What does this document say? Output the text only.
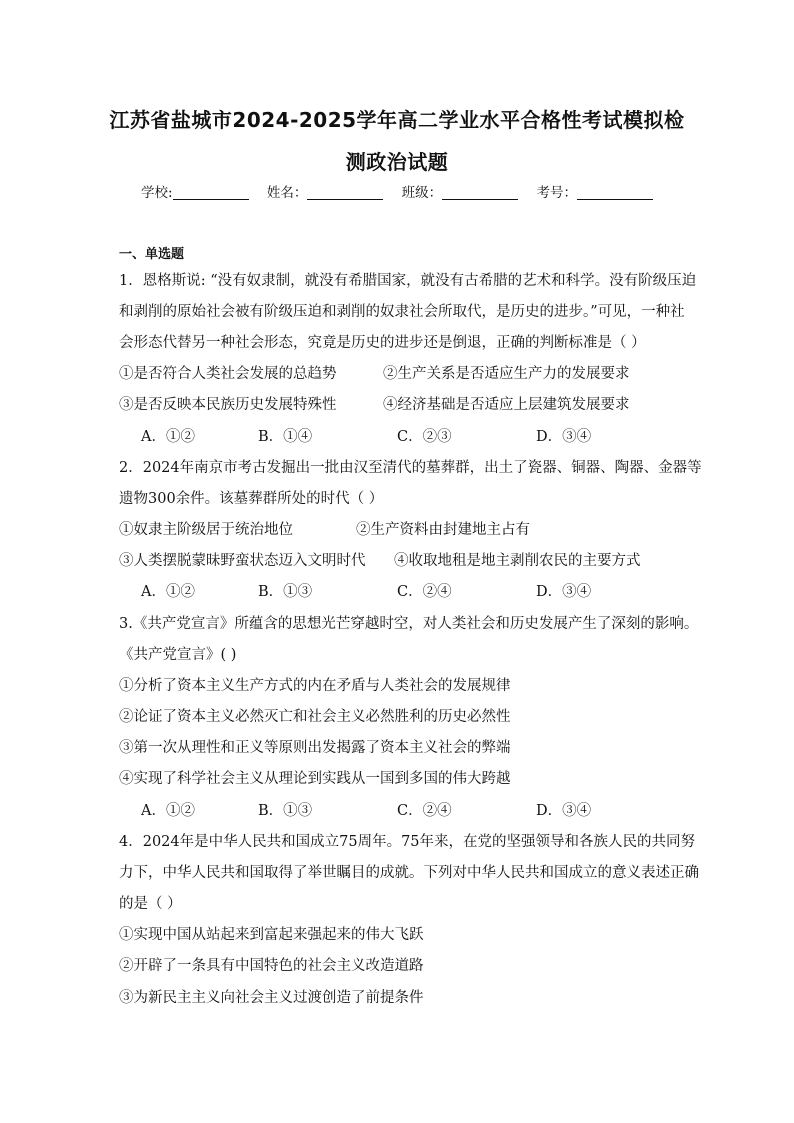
江苏省盐城市2024-2025学年高二学业水平合格性考试模拟检
测政治试题
学校:	姓名：	班级：	考号：
一、单选题
1．恩格斯说: “没有奴隶制，就没有希腊国家，就没有古希腊的艺术和科学。没有阶级压迫
和剥削的原始社会被有阶级压迫和剥削的奴隶社会所取代，是历史的进步。”可见，一种社
会形态代替另一种社会形态，究竟是历史的进步还是倒退，正确的判断标准是（ ）
①是否符合人类社会发展的总趋势	②生产关系是否适应生产力的发展要求
③是否反映本民族历史发展特殊性	④经济基础是否适应上层建筑发展要求
A．①②	B．①④	C．②③	D．③④
2．2024年南京市考古发掘出一批由汉至清代的墓葬群，出土了瓷器、铜器、陶器、金器等
遗物300余件。该墓葬群所处的时代（ ）
①奴隶主阶级居于统治地位	②生产资料由封建地主占有
③人类摆脱蒙昧野蛮状态迈入文明时代 ④收取地租是地主剥削农民的主要方式
A．①②	B．①③	C．②④	D．③④
3.《共产党宣言》所蕴含的思想光芒穿越时空，对人类社会和历史发展产生了深刻的影响。
《共产党宣言》( )
①分析了资本主义生产方式的内在矛盾与人类社会的发展规律
②论证了资本主义必然灭亡和社会主义必然胜利的历史必然性
③第一次从理性和正义等原则出发揭露了资本主义社会的弊端
④实现了科学社会主义从理论到实践从一国到多国的伟大跨越
A．①②	B．①③	C．②④	D．③④
4．2024年是中华人民共和国成立75周年。75年来，在党的坚强领导和各族人民的共同努
力下，中华人民共和国取得了举世瞩目的成就。下列对中华人民共和国成立的意义表述正确
的是（ ）
①实现中国从站起来到富起来强起来的伟大飞跃
②开辟了一条具有中国特色的社会主义改造道路
③为新民主主义向社会主义过渡创造了前提条件
